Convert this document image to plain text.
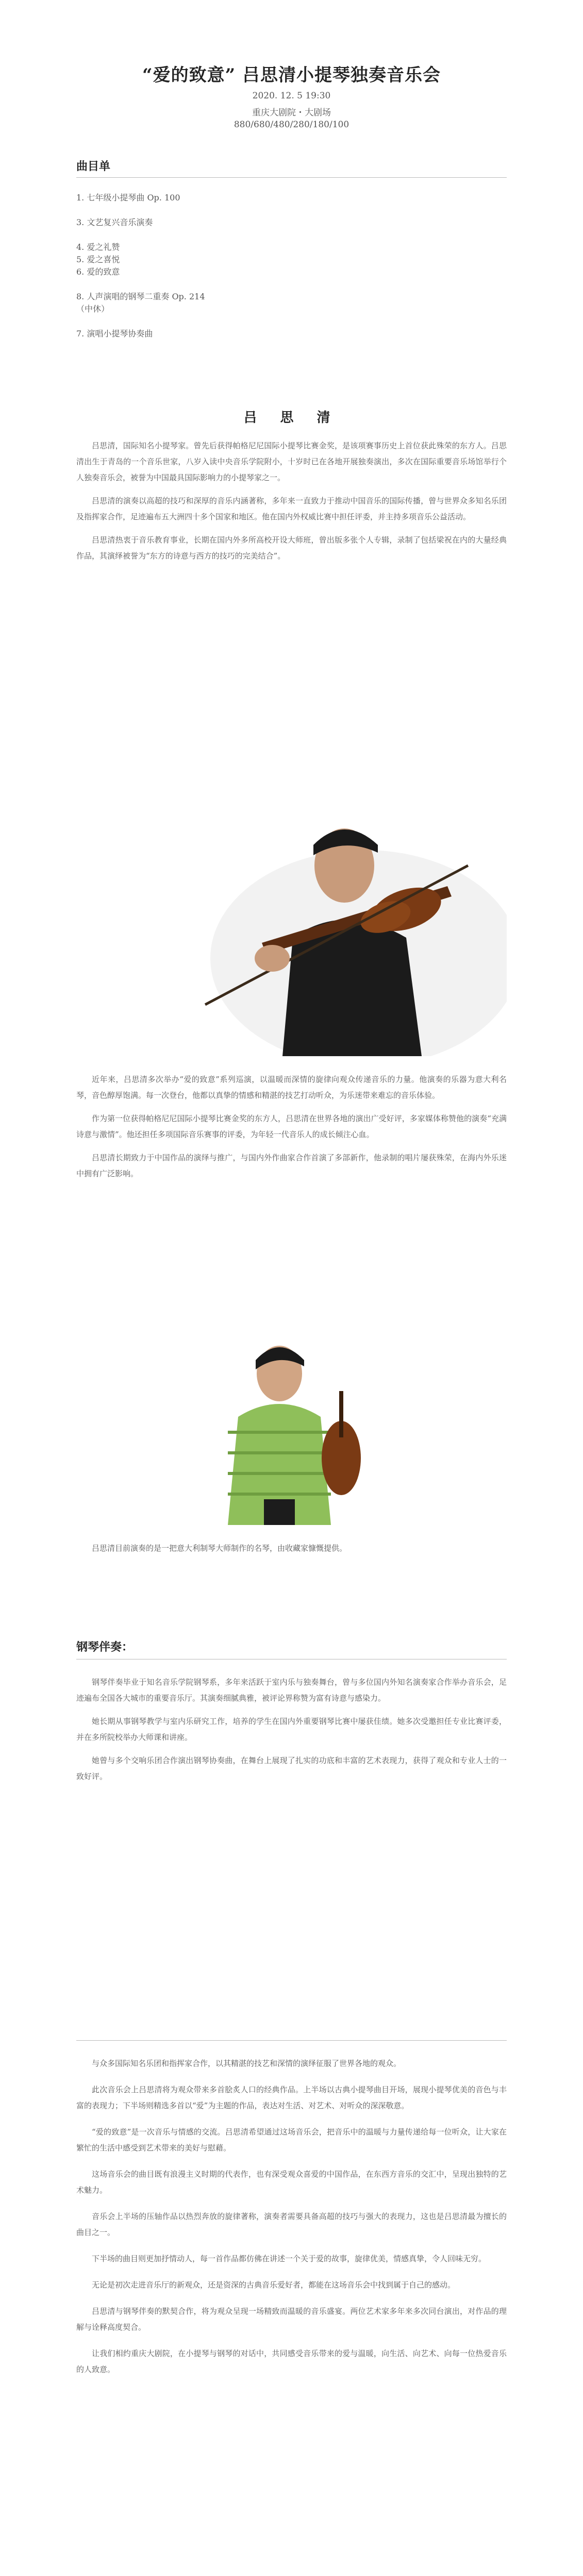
“爱的致意” 吕思清小提琴独奏音乐会
2020. 12. 5 19:30
重庆大剧院・大剧场
880/680/480/280/180/100
曲目单
1. 七年级小提琴曲 Op. 100
3. 文艺复兴音乐演奏
4. 爱之礼赞
5. 爱之喜悦
6. 爱的致意
8. 人声演唱的钢琴二重奏 Op. 214
（中休）
7. 演唱小提琴协奏曲
吕 思 清

吕思清，国际知名小提琴家。曾先后获得帕格尼尼国际小提琴比赛金奖，是该项赛事历史上首位获此殊荣的东方人。吕思清出生于青岛的一个音乐世家，八岁入读中央音乐学院附小，十岁时已在各地开展独奏演出，多次在国际重要音乐场馆举行个人独奏音乐会，被誉为中国最具国际影响力的小提琴家之一。

吕思清的演奏以高超的技巧和深厚的音乐内涵著称，多年来一直致力于推动中国音乐的国际传播，曾与世界众多知名乐团及指挥家合作，足迹遍布五大洲四十多个国家和地区。他在国内外权威比赛中担任评委，并主持多项音乐公益活动。

吕思清热衷于音乐教育事业，长期在国内外多所高校开设大师班，曾出版多张个人专辑，录制了包括梁祝在内的大量经典作品，其演绎被誉为“东方的诗意与西方的技巧的完美结合”。

近年来，吕思清多次举办“爱的致意”系列巡演，以温暖而深情的旋律向观众传递音乐的力量。他演奏的乐器为意大利名琴，音色醇厚饱满。每一次登台，他都以真挚的情感和精湛的技艺打动听众，为乐迷带来难忘的音乐体验。

作为第一位获得帕格尼尼国际小提琴比赛金奖的东方人，吕思清在世界各地的演出广受好评，多家媒体称赞他的演奏“充满诗意与激情”。他还担任多项国际音乐赛事的评委，为年轻一代音乐人的成长倾注心血。

吕思清长期致力于中国作品的演绎与推广，与国内外作曲家合作首演了多部新作，他录制的唱片屡获殊荣，在海内外乐迷中拥有广泛影响。

吕思清目前演奏的是一把意大利制琴大师制作的名琴，由收藏家慷慨提供。

钢琴伴奏：

钢琴伴奏毕业于知名音乐学院钢琴系，多年来活跃于室内乐与独奏舞台，曾与多位国内外知名演奏家合作举办音乐会，足迹遍布全国各大城市的重要音乐厅。其演奏细腻典雅，被评论界称赞为富有诗意与感染力。

她长期从事钢琴教学与室内乐研究工作，培养的学生在国内外重要钢琴比赛中屡获佳绩。她多次受邀担任专业比赛评委，并在多所院校举办大师课和讲座。

她曾与多个交响乐团合作演出钢琴协奏曲，在舞台上展现了扎实的功底和丰富的艺术表现力，获得了观众和专业人士的一致好评。

与众多国际知名乐团和指挥家合作，以其精湛的技艺和深情的演绎征服了世界各地的观众。

此次音乐会上吕思清将为观众带来多首脍炙人口的经典作品。上半场以古典小提琴曲目开场，展现小提琴优美的音色与丰富的表现力；下半场则精选多首以“爱”为主题的作品，表达对生活、对艺术、对听众的深深敬意。

“爱的致意”是一次音乐与情感的交流。吕思清希望通过这场音乐会，把音乐中的温暖与力量传递给每一位听众，让大家在繁忙的生活中感受到艺术带来的美好与慰藉。

这场音乐会的曲目既有浪漫主义时期的代表作，也有深受观众喜爱的中国作品，在东西方音乐的交汇中，呈现出独特的艺术魅力。

音乐会上半场的压轴作品以热烈奔放的旋律著称，演奏者需要具备高超的技巧与强大的表现力，这也是吕思清最为擅长的曲目之一。

下半场的曲目则更加抒情动人，每一首作品都仿佛在讲述一个关于爱的故事，旋律优美，情感真挚，令人回味无穷。

无论是初次走进音乐厅的新观众，还是资深的古典音乐爱好者，都能在这场音乐会中找到属于自己的感动。

吕思清与钢琴伴奏的默契合作，将为观众呈现一场精致而温暖的音乐盛宴。两位艺术家多年来多次同台演出，对作品的理解与诠释高度契合。

让我们相约重庆大剧院，在小提琴与钢琴的对话中，共同感受音乐带来的爱与温暖，向生活、向艺术、向每一位热爱音乐的人致意。
